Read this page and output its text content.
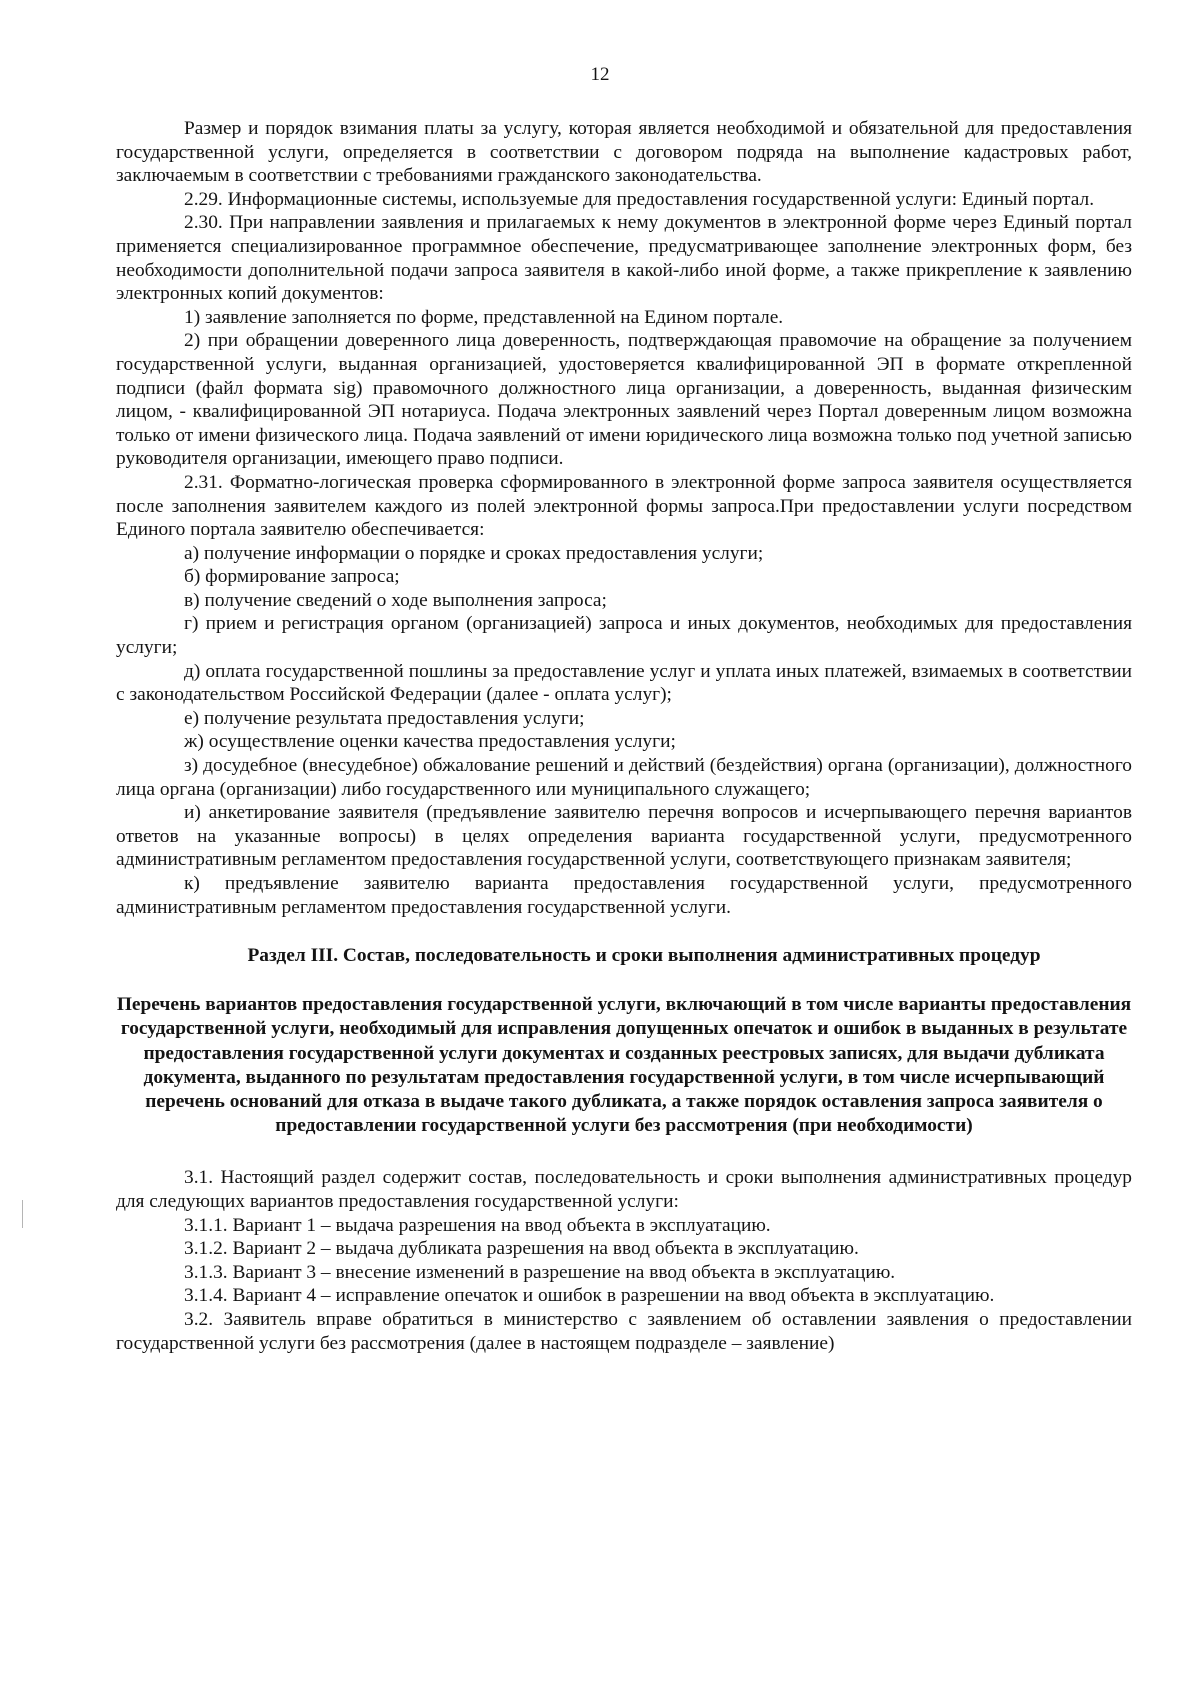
12

Размер и порядок взимания платы за услугу, которая является необходимой и обязательной для предоставления государственной услуги, определяется в соответствии с договором подряда на выполнение кадастровых работ, заключаемым в соответствии с требованиями гражданского законодательства.

2.29. Информационные системы, используемые для предоставления государственной услуги: Единый портал.

2.30. При направлении заявления и прилагаемых к нему документов в электронной форме через Единый портал применяется специализированное программное обеспечение, предусматривающее заполнение электронных форм, без необходимости дополнительной подачи запроса заявителя в какой-либо иной форме, а также прикрепление к заявлению электронных копий документов:

1) заявление заполняется по форме, представленной на Едином портале.

2) при обращении доверенного лица доверенность, подтверждающая правомочие на обращение за получением государственной услуги, выданная организацией, удостоверяется квалифицированной ЭП в формате открепленной подписи (файл формата sig) правомочного должностного лица организации, а доверенность, выданная физическим лицом, - квалифицированной ЭП нотариуса. Подача электронных заявлений через Портал доверенным лицом возможна только от имени физического лица. Подача заявлений от имени юридического лица возможна только под учетной записью руководителя организации, имеющего право подписи.

2.31. Форматно-логическая проверка сформированного в электронной форме запроса заявителя осуществляется после заполнения заявителем каждого из полей электронной формы запроса.При предоставлении услуги посредством Единого портала заявителю обеспечивается:

а) получение информации о порядке и сроках предоставления услуги;

б) формирование запроса;

в) получение сведений о ходе выполнения запроса;

г) прием и регистрация органом (организацией) запроса и иных документов, необходимых для предоставления услуги;

д) оплата государственной пошлины за предоставление услуг и уплата иных платежей, взимаемых в соответствии с законодательством Российской Федерации (далее - оплата услуг);

е) получение результата предоставления услуги;

ж) осуществление оценки качества предоставления услуги;

з) досудебное (внесудебное) обжалование решений и действий (бездействия) органа (организации), должностного лица органа (организации) либо государственного или муниципального служащего;

и) анкетирование заявителя (предъявление заявителю перечня вопросов и исчерпывающего перечня вариантов ответов на указанные вопросы) в целях определения варианта государственной услуги, предусмотренного административным регламентом предоставления государственной услуги, соответствующего признакам заявителя;

к) предъявление заявителю варианта предоставления государственной услуги, предусмотренного административным регламентом предоставления государственной услуги.

Раздел III. Состав, последовательность и сроки выполнения административных процедур
Перечень вариантов предоставления государственной услуги, включающий в том числе варианты предоставления государственной услуги, необходимый для исправления допущенных опечаток и ошибок в выданных в результате предоставления государственной услуги документах и созданных реестровых записях, для выдачи дубликата документа, выданного по результатам предоставления государственной услуги, в том числе исчерпывающий перечень оснований для отказа в выдаче такого дубликата, а также порядок оставления запроса заявителя о предоставлении государственной услуги без рассмотрения (при необходимости)

3.1. Настоящий раздел содержит состав, последовательность и сроки выполнения административных процедур для следующих вариантов предоставления государственной услуги:

3.1.1. Вариант 1 – выдача разрешения на ввод объекта в эксплуатацию.

3.1.2. Вариант 2 – выдача дубликата разрешения на ввод объекта в эксплуатацию.

3.1.3. Вариант 3 – внесение изменений в разрешение на ввод объекта в эксплуатацию.

3.1.4. Вариант 4 – исправление опечаток и ошибок в разрешении на ввод объекта в эксплуатацию.

3.2. Заявитель вправе обратиться в министерство с заявлением об оставлении заявления о предоставлении государственной услуги без рассмотрения (далее в настоящем подразделе – заявление)
